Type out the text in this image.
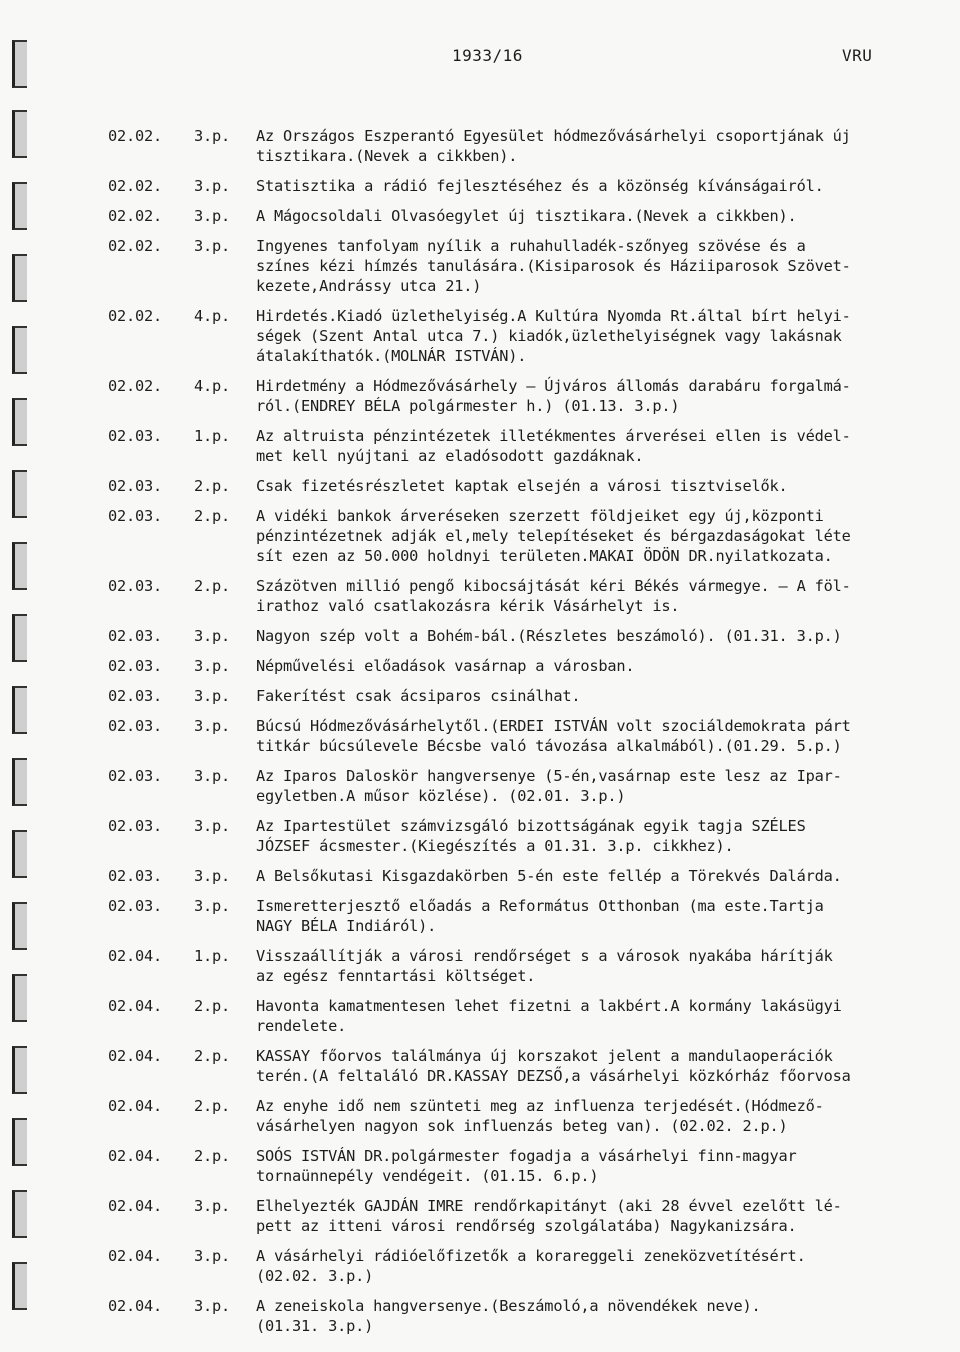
1933/16	VRU
02.02.	3.p.	Az Országos Eszperantó Egyesület hódmezővásárhelyi csoportjának új
tisztikara.(Nevek a cikkben).
02.02.	3.p.	Statisztika a rádió fejlesztéséhez és a közönség kívánságairól.
02.02.	3.p.	A Mágocsoldali Olvasóegylet új tisztikara.(Nevek a cikkben).
02.02.	3.p.	Ingyenes tanfolyam nyílik a ruhahulladék-szőnyeg szövése és a
színes kézi hímzés tanulására.(Kisiparosok és Háziiparosok Szövet-
kezete,Andrássy utca 21.)
02.02.	4.p.	Hirdetés.Kiadó üzlethelyiség.A Kultúra Nyomda Rt.által bírt helyi-
ségek (Szent Antal utca 7.) kiadók,üzlethelyiségnek vagy lakásnak
átalakíthatók.(MOLNÁR ISTVÁN).
02.02.	4.p.	Hirdetmény a Hódmezővásárhely – Újváros állomás darabáru forgalmá-
ról.(ENDREY BÉLA polgármester h.) (01.13. 3.p.)
02.03.	1.p.	Az altruista pénzintézetek illetékmentes árverései ellen is védel-
met kell nyújtani az eladósodott gazdáknak.
02.03.	2.p.	Csak fizetésrészletet kaptak elsején a városi tisztviselők.
02.03.	2.p.	A vidéki bankok árveréseken szerzett földjeiket egy új,központi
pénzintézetnek adják el,mely telepítéseket és bérgazdaságokat léte
sít ezen az 50.000 holdnyi területen.MAKAI ÖDÖN DR.nyilatkozata.
02.03.	2.p.	Százötven millió pengő kibocsájtását kéri Békés vármegye. – A föl-
irathoz való csatlakozásra kérik Vásárhelyt is.
02.03.	3.p.	Nagyon szép volt a Bohém-bál.(Részletes beszámoló). (01.31. 3.p.)
02.03.	3.p.	Népművelési előadások vasárnap a városban.
02.03.	3.p.	Fakerítést csak ácsiparos csinálhat.
02.03.	3.p.	Búcsú Hódmezővásárhelytől.(ERDEI ISTVÁN volt szociáldemokrata párt
titkár búcsúlevele Bécsbe való távozása alkalmából).(01.29. 5.p.)
02.03.	3.p.	Az Iparos Daloskör hangversenye (5-én,vasárnap este lesz az Ipar-
egyletben.A műsor közlése). (02.01. 3.p.)
02.03.	3.p.	Az Ipartestület számvizsgáló bizottságának egyik tagja SZÉLES
JÓZSEF ácsmester.(Kiegészítés a 01.31. 3.p. cikkhez).
02.03.	3.p.	A Belsőkutasi Kisgazdakörben 5-én este fellép a Törekvés Dalárda.
02.03.	3.p.	Ismeretterjesztő előadás a Református Otthonban (ma este.Tartja
NAGY BÉLA Indiáról).
02.04.	1.p.	Visszaállítják a városi rendőrséget s a városok nyakába hárítják
az egész fenntartási költséget.
02.04.	2.p.	Havonta kamatmentesen lehet fizetni a lakbért.A kormány lakásügyi
rendelete.
02.04.	2.p.	KASSAY főorvos találmánya új korszakot jelent a mandulaoperációk
terén.(A feltaláló DR.KASSAY DEZSŐ,a vásárhelyi közkórház főorvosa
02.04.	2.p.	Az enyhe idő nem szünteti meg az influenza terjedését.(Hódmező-
vásárhelyen nagyon sok influenzás beteg van). (02.02. 2.p.)
02.04.	2.p.	SOÓS ISTVÁN DR.polgármester fogadja a vásárhelyi finn-magyar
tornaünnepély vendégeit. (01.15. 6.p.)
02.04.	3.p.	Elhelyezték GAJDÁN IMRE rendőrkapitányt (aki 28 évvel ezelőtt lé-
pett az itteni városi rendőrség szolgálatába) Nagykanizsára.
02.04.	3.p.	A vásárhelyi rádióelőfizetők a korareggeli zeneközvetítésért.
(02.02. 3.p.)
02.04.	3.p.	A zeneiskola hangversenye.(Beszámoló,a növendékek neve).
(01.31. 3.p.)
